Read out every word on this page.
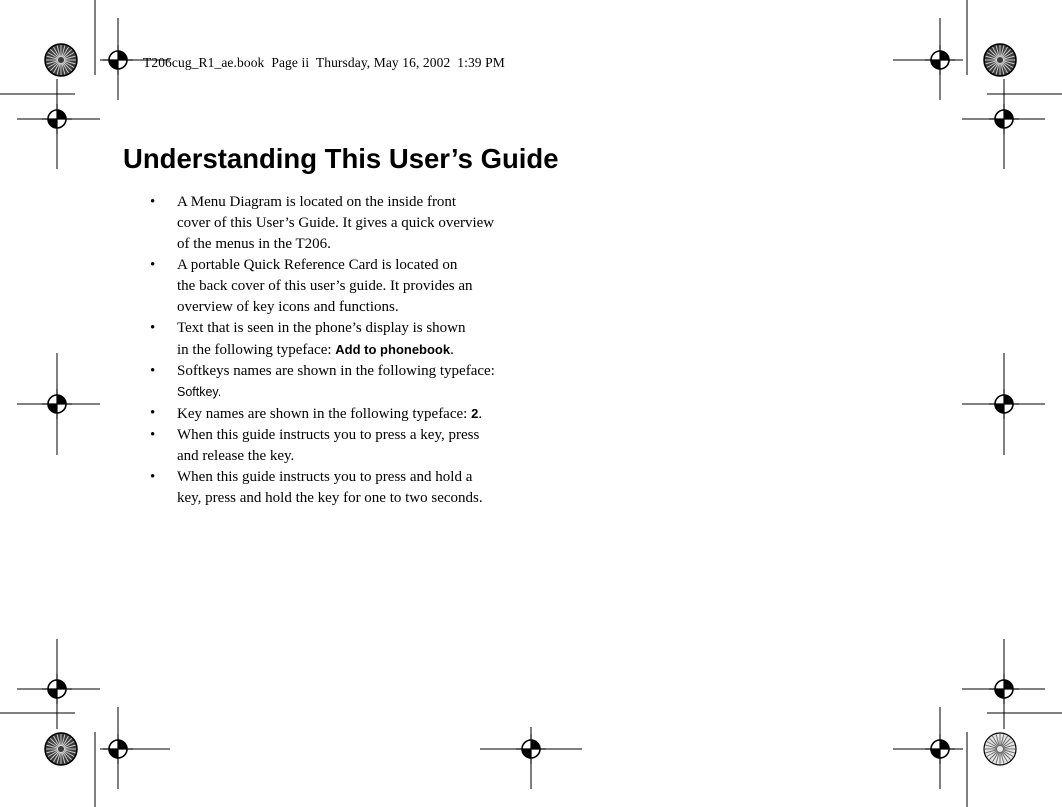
T206cug_R1_ae.book  Page ii  Thursday, May 16, 2002  1:39 PM
Understanding This User’s Guide
• A Menu Diagram is located on the inside front
cover of this User’s Guide. It gives a quick overview
of the menus in the T206.
• A portable Quick Reference Card is located on
the back cover of this user’s guide. It provides an
overview of key icons and functions.
• Text that is seen in the phone’s display is shown
in the following typeface: Add to phonebook.
• Softkeys names are shown in the following typeface:
Softkey.
• Key names are shown in the following typeface: 2.
• When this guide instructs you to press a key, press
and release the key.
• When this guide instructs you to press and hold a
key, press and hold the key for one to two seconds.
